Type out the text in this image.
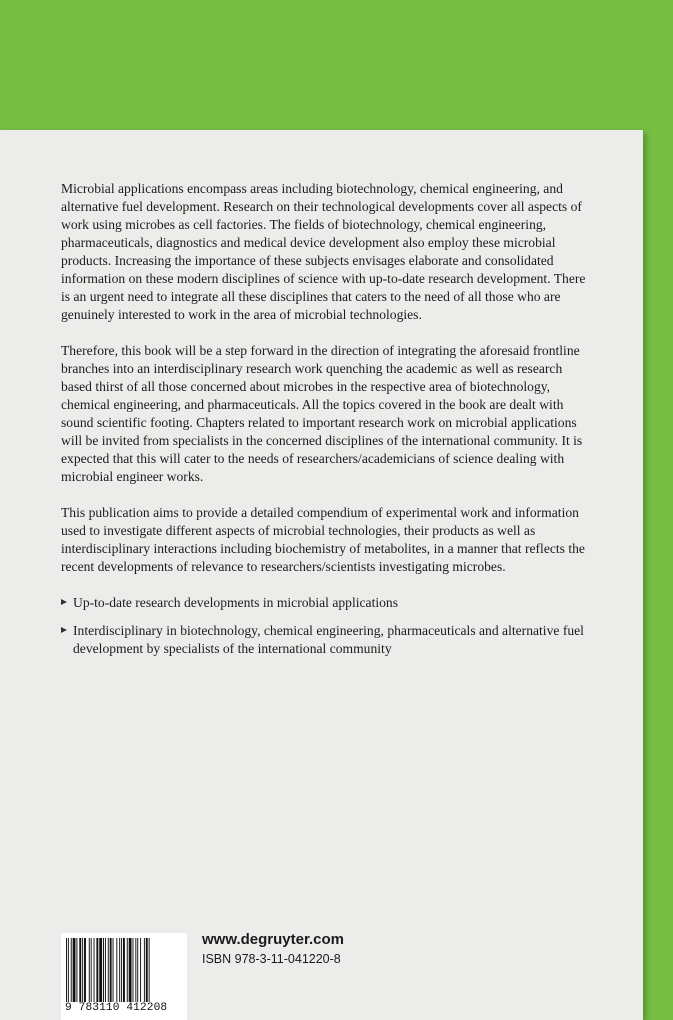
Microbial applications encompass areas including biotechnology, chemical engineering, and alternative fuel development. Research on their technological developments cover all aspects of work using microbes as cell factories. The fields of biotechnology, chemical engineering, pharmaceuticals, diagnostics and medical device development also employ these microbial products. Increasing the importance of these subjects envisages elaborate and consolidated information on these modern disciplines of science with up-to-date research development. There is an urgent need to integrate all these disciplines that caters to the need of all those who are genuinely interested to work in the area of microbial technologies.

Therefore, this book will be a step forward in the direction of integrating the aforesaid frontline branches into an interdisciplinary research work quenching the academic as well as research based thirst of all those concerned about microbes in the respective area of biotechnology, chemical engineering, and pharmaceuticals. All the topics covered in the book are dealt with sound scientific footing. Chapters related to important research work on microbial applications will be invited from specialists in the concerned disciplines of the international community. It is expected that this will cater to the needs of researchers/academicians of science dealing with microbial engineer works.

This publication aims to provide a detailed compendium of experimental work and information used to investigate different aspects of microbial technologies, their products as well as interdisciplinary interactions including biochemistry of metabolites, in a manner that reflects the recent developments of relevance to researchers/scientists investigating microbes.

Up-to-date research developments in microbial applications
Interdisciplinary in biotechnology, chemical engineering, pharmaceuticals and alternative fuel development by specialists of the international community
9 783110 412208
www.degruyter.com
ISBN 978-3-11-041220-8
